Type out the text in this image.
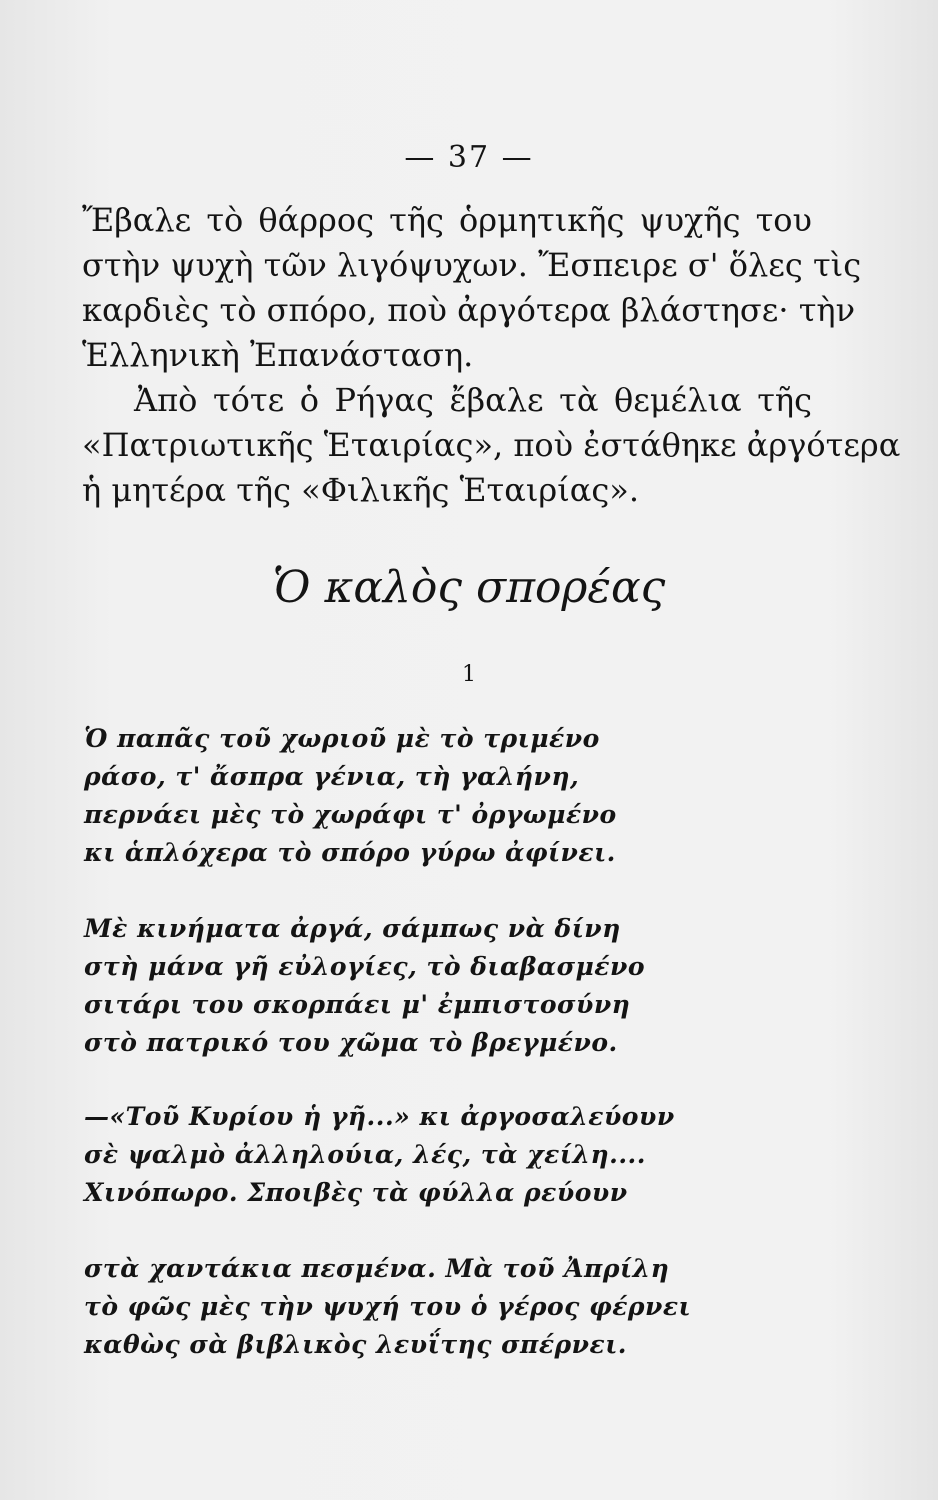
— 37 —
Ἔβαλε τὸ θάρρος τῆς ὁρμητικῆς ψυχῆς του
στὴν ψυχὴ τῶν λιγόψυχων. Ἔσπειρε σ' ὅλες τὶς
καρδιὲς τὸ σπόρο, ποὺ ἀργότερα βλάστησε· τὴν
Ἑλληνικὴ Ἐπανάσταση.
Ἀπὸ τότε ὁ Ρήγας ἔβαλε τὰ θεμέλια τῆς
«Πατριωτικῆς Ἑταιρίας», ποὺ ἐστάθηκε ἀργότερα
ἡ μητέρα τῆς «Φιλικῆς Ἑταιρίας».
Ὁ καλὸς σπορέας
1
Ὁ παπᾶς τοῦ χωριοῦ μὲ τὸ τριμένο
ράσο, τ' ἄσπρα γένια, τὴ γαλήνη,
περνάει μὲς τὸ χωράφι τ' ὀργωμένο
κι ἁπλόχερα τὸ σπόρο γύρω ἀφίνει.
Μὲ κινήματα ἀργά, σάμπως νὰ δίνη
στὴ μάνα γῆ εὐλογίες, τὸ διαβασμένο
σιτάρι του σκορπάει μ' ἐμπιστοσύνη
στὸ πατρικό του χῶμα τὸ βρεγμένο.
—«Τοῦ Κυρίου ἡ γῆ...» κι ἀργοσαλεύουν
σὲ ψαλμὸ ἀλληλούια, λές, τὰ χείλη....
Χινόπωρο. Σποιβὲς τὰ φύλλα ρεύουν
στὰ χαντάκια πεσμένα. Μὰ τοῦ Ἀπρίλη
τὸ φῶς μὲς τὴν ψυχή του ὁ γέρος φέρνει
καθὼς σὰ βιβλικὸς λευΐτης σπέρνει.
